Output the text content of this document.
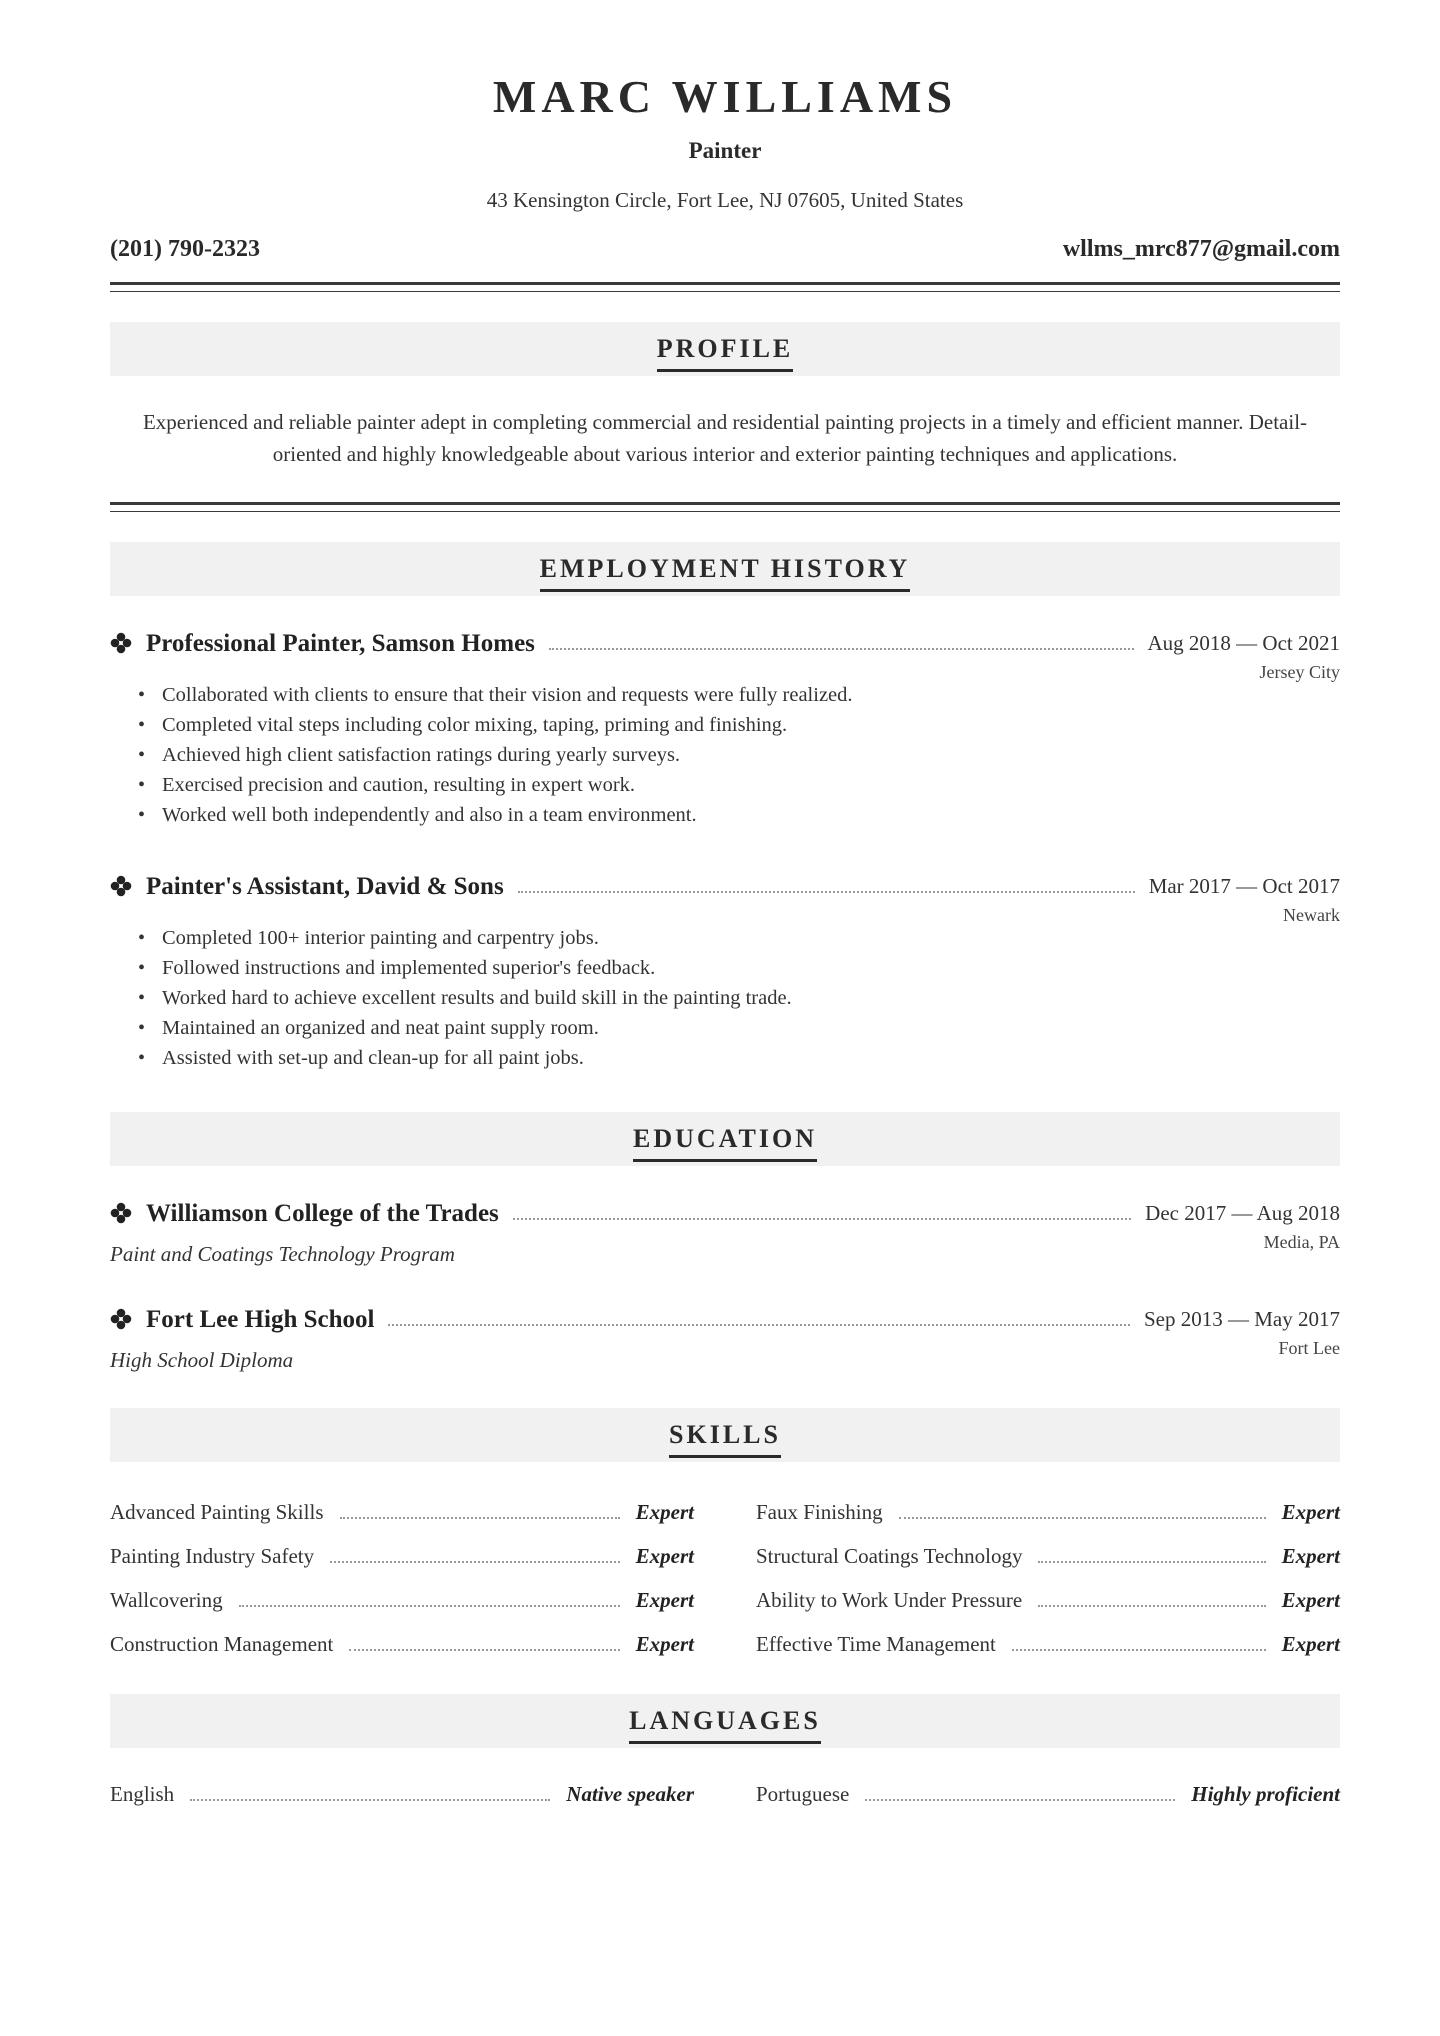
MARC WILLIAMS
Painter
43 Kensington Circle, Fort Lee, NJ 07605, United States
(201) 790-2323	wllms_mrc877@gmail.com
PROFILE
Experienced and reliable painter adept in completing commercial and residential painting projects in a timely and efficient manner. Detail-oriented and highly knowledgeable about various interior and exterior painting techniques and applications.
EMPLOYMENT HISTORY
Professional Painter, Samson Homes	Aug 2018 — Oct 2021
Jersey City
• Collaborated with clients to ensure that their vision and requests were fully realized.
• Completed vital steps including color mixing, taping, priming and finishing.
• Achieved high client satisfaction ratings during yearly surveys.
• Exercised precision and caution, resulting in expert work.
• Worked well both independently and also in a team environment.
Painter's Assistant, David & Sons	Mar 2017 — Oct 2017
Newark
• Completed 100+ interior painting and carpentry jobs.
• Followed instructions and implemented superior's feedback.
• Worked hard to achieve excellent results and build skill in the painting trade.
• Maintained an organized and neat paint supply room.
• Assisted with set-up and clean-up for all paint jobs.
EDUCATION
Williamson College of the Trades	Dec 2017 — Aug 2018
Media, PA
Paint and Coatings Technology Program
Fort Lee High School	Sep 2013 — May 2017
Fort Lee
High School Diploma
SKILLS
Advanced Painting Skills	Expert	Faux Finishing	Expert
Painting Industry Safety	Expert	Structural Coatings Technology	Expert
Wallcovering	Expert	Ability to Work Under Pressure	Expert
Construction Management	Expert	Effective Time Management	Expert
LANGUAGES
English	Native speaker	Portuguese	Highly proficient
